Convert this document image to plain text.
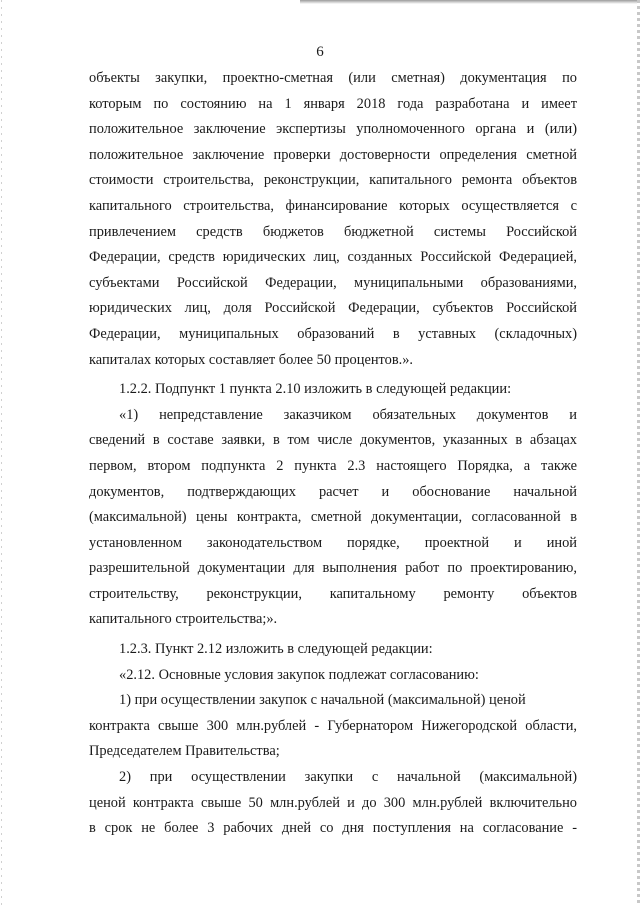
6
объекты закупки, проектно-сметная (или сметная) документация по
которым по состоянию на 1 января 2018 года разработана и имеет
положительное заключение экспертизы уполномоченного органа и (или)
положительное заключение проверки достоверности определения сметной
стоимости строительства, реконструкции, капитального ремонта объектов
капитального строительства, финансирование которых осуществляется с
привлечением средств бюджетов бюджетной системы Российской
Федерации, средств юридических лиц, созданных Российской Федерацией,
субъектами Российской Федерации, муниципальными образованиями,
юридических лиц, доля Российской Федерации, субъектов Российской
Федерации, муниципальных образований в уставных (складочных)
капиталах которых составляет более 50 процентов.».
1.2.2. Подпункт 1 пункта 2.10 изложить в следующей редакции:
«1) непредставление заказчиком обязательных документов и
сведений в составе заявки, в том числе документов, указанных в абзацах
первом, втором подпункта 2 пункта 2.3 настоящего Порядка, а также
документов, подтверждающих расчет и обоснование начальной
(максимальной) цены контракта, сметной документации, согласованной в
установленном законодательством порядке, проектной и иной
разрешительной документации для выполнения работ по проектированию,
строительству, реконструкции, капитальному ремонту объектов
капитального строительства;».
1.2.3. Пункт 2.12 изложить в следующей редакции:
«2.12. Основные условия закупок подлежат согласованию:
1) при осуществлении закупок с начальной (максимальной) ценой
контракта свыше 300 млн.рублей - Губернатором Нижегородской области,
Председателем Правительства;
2) при осуществлении закупки с начальной (максимальной)
ценой контракта свыше 50 млн.рублей и до 300 млн.рублей включительно
в срок не более 3 рабочих дней со дня поступления на согласование -
